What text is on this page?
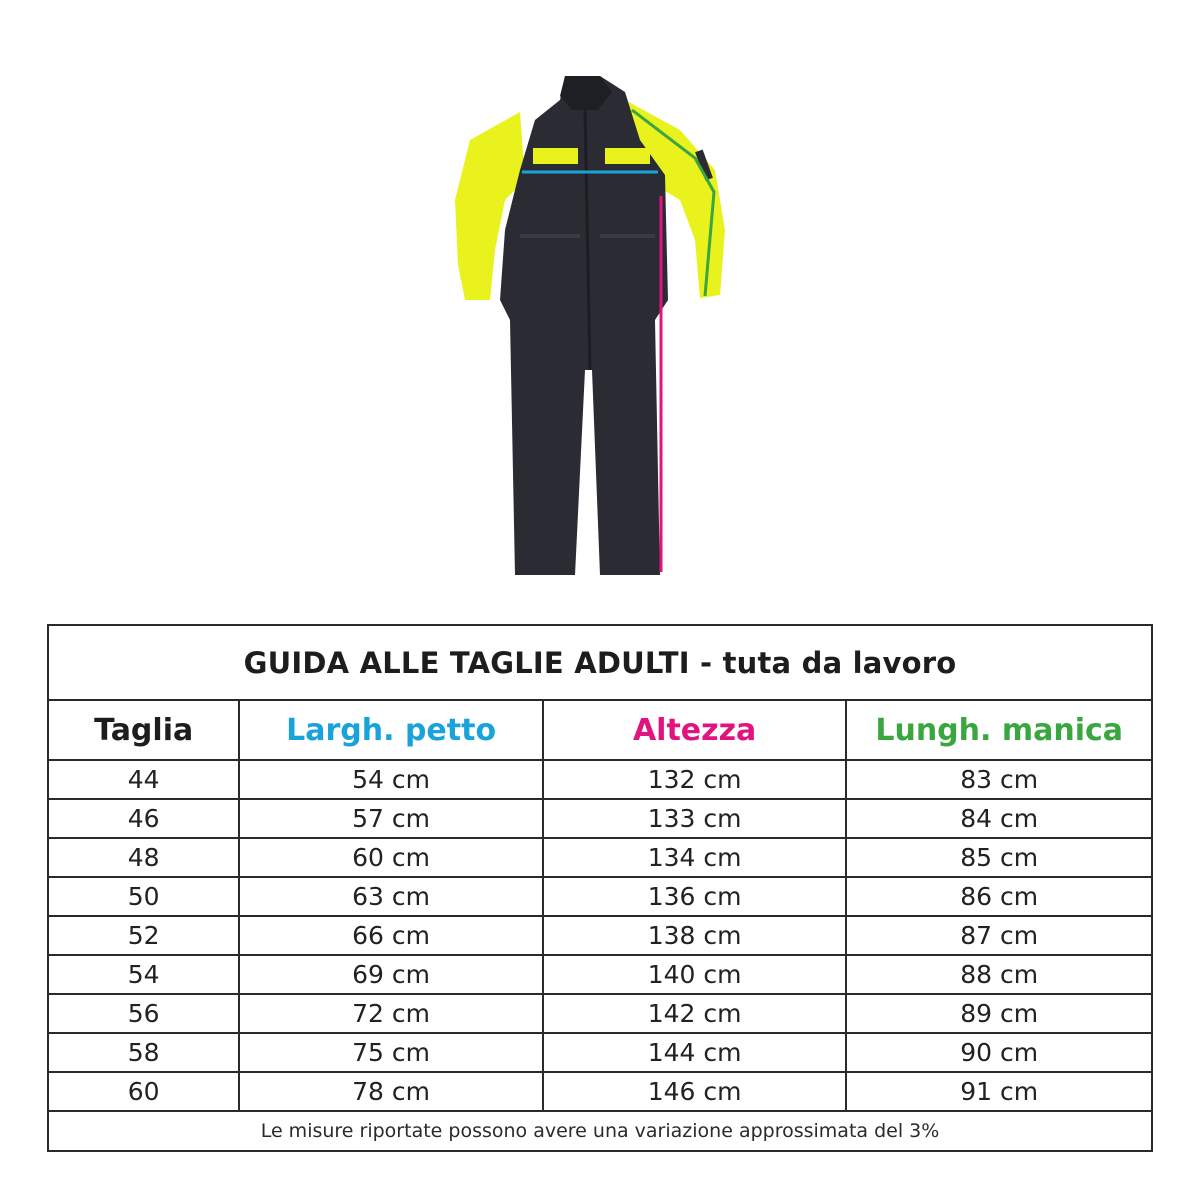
GUIDA ALLE TAGLIE ADULTI - tuta da lavoro			
Taglia	Largh. petto	Altezza	Lungh. manica
44	54 cm	132 cm	83 cm
46	57 cm	133 cm	84 cm
48	60 cm	134 cm	85 cm
50	63 cm	136 cm	86 cm
52	66 cm	138 cm	87 cm
54	69 cm	140 cm	88 cm
56	72 cm	142 cm	89 cm
58	75 cm	144 cm	90 cm
60	78 cm	146 cm	91 cm
Le misure riportate possono avere una variazione approssimata del 3%			
